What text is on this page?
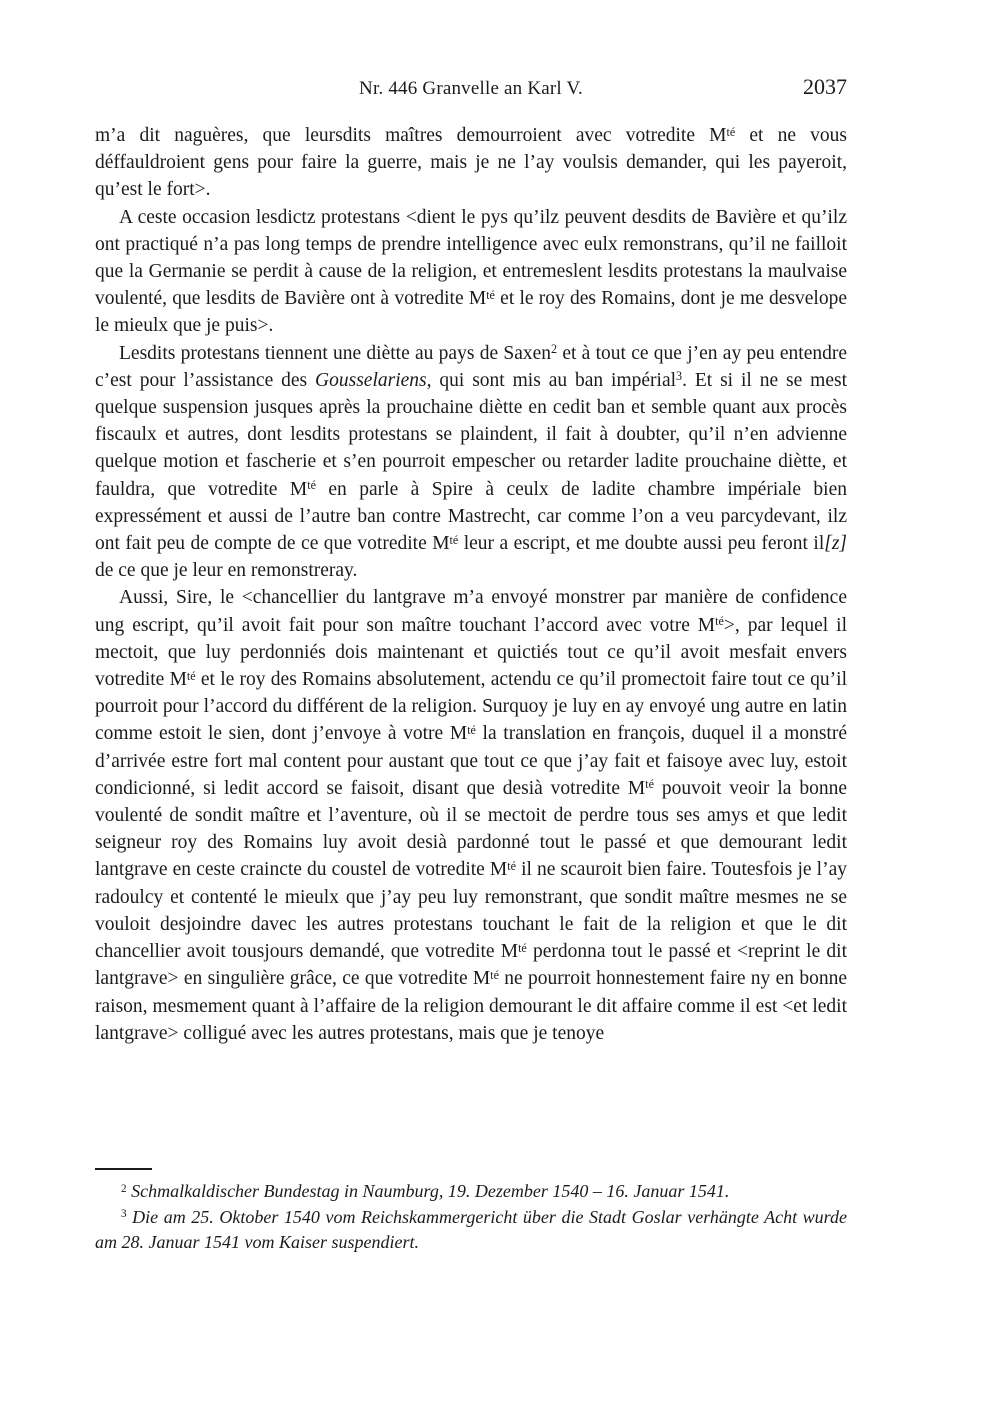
Nr. 446 Granvelle an Karl V.	2037

m’a dit naguères, que leursdits maîtres demourroient avec votredite $M^{té}$ et ne vous déffauldroient gens pour faire la guerre, mais je ne l’ay voulsis demander, qui les payeroit, qu’est le fort>.

A ceste occasion lesdictz protestans <dient le pys qu’ilz peuvent desdits de Bavière et qu’ilz ont practiqué n’a pas long temps de prendre intelligence avec eulx remonstrans, qu’il ne failloit que la Germanie se perdit à cause de la religion, et entremeslent lesdits protestans la maulvaise voulenté, que lesdits de Bavière ont à votredite $M^{té}$ et le roy des Romains, dont je me desvelope le mieulx que je puis>.

Lesdits protestans tiennent une diètte au pays de Saxen$^2$ et à tout ce que j’en ay peu entendre c’est pour l’assistance des Gousselariens, qui sont mis au ban impérial$^3$. Et si il ne se mest quelque suspension jusques après la prouchaine diètte en cedit ban et semble quant aux procès fiscaulx et autres, dont lesdits protestans se plaindent, il fait à doubter, qu’il n’en advienne quelque motion et fascherie et s’en pourroit empescher ou retarder ladite prouchaine diètte, et fauldra, que votredite $M^{té}$ en parle à Spire à ceulx de ladite chambre impériale bien expressément et aussi de l’autre ban contre Mastrecht, car comme l’on a veu parcydevant, ilz ont fait peu de compte de ce que votredite $M^{té}$ leur a escript, et me doubte aussi peu feront il[z] de ce que je leur en remonstreray.

Aussi, Sire, le <chancellier du lantgrave m’a envoyé monstrer par manière de confidence ung escript, qu’il avoit fait pour son maître touchant l’accord avec votre $M^{té}>$, par lequel il mectoit, que luy perdonniés dois maintenant et quictiés tout ce qu’il avoit mesfait envers votredite $M^{té}$ et le roy des Romains absolutement, actendu ce qu’il promectoit faire tout ce qu’il pourroit pour l’accord du différent de la religion. Surquoy je luy en ay envoyé ung autre en latin comme estoit le sien, dont j’envoye à votre $M^{té}$ la translation en françois, duquel il a monstré d’arrivée estre fort mal content pour austant que tout ce que j’ay fait et faisoye avec luy, estoit condicionné, si ledit accord se faisoit, disant que desià votredite $M^{té}$ pouvoit veoir la bonne voulenté de sondit maître et l’aventure, où il se mectoit de perdre tous ses amys et que ledit seigneur roy des Romains luy avoit desià pardonné tout le passé et que demourant ledit lantgrave en ceste craincte du coustel de votredite $M^{té}$ il ne scauroit bien faire. Toutesfois je l’ay radoulcy et contenté le mieulx que j’ay peu luy remonstrant, que sondit maître mesmes ne se vouloit desjoindre davec les autres protestans touchant le fait de la religion et que le dit chancellier avoit tousjours demandé, que votredite $M^{té}$ perdonna tout le passé et <reprint le dit lantgrave> en singulière grâce, ce que votredite $M^{té}$ ne pourroit honnestement faire ny en bonne raison, mesmement quant à l’affaire de la religion demourant le dit affaire comme il est <et ledit lantgrave> colligué avec les autres protestans, mais que je tenoye

$^2$ Schmalkaldischer Bundestag in Naumburg, 19. Dezember 1540 – 16. Januar 1541.

$^3$ Die am 25. Oktober 1540 vom Reichskammergericht über die Stadt Goslar verhängte Acht wurde am 28. Januar 1541 vom Kaiser suspendiert.
